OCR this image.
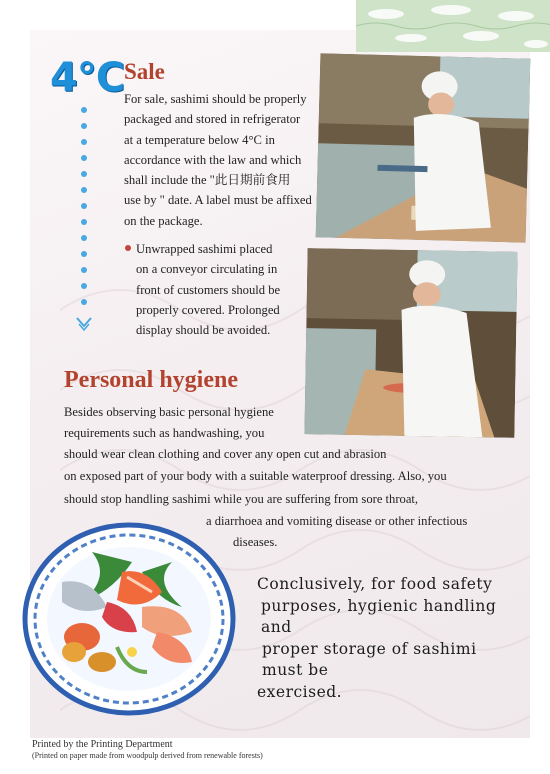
4°C Sale

For sale, sashimi should be properly
packaged and stored in refrigerator
at a temperature below 4°C in
accordance with the law and which
shall include the "此日期前食用
use by " date. A label must be affixed
on the package.

Unwrapped sashimi placed
on a conveyor circulating in
front of customers should be
properly covered. Prolonged
display should be avoided.

Personal hygiene
Besides observing basic personal hygiene
requirements such as handwashing, you
should wear clean clothing and cover any open cut and abrasion
on exposed part of your body with a suitable waterproof dressing. Also, you
should stop handling sashimi while you are suffering from sore throat,
a diarrhoea and vomiting disease or other infectious
diseases.
Conclusively, for food safety
purposes, hygienic handling and
proper storage of sashimi must be
exercised.
Printed by the Printing Department
(Printed on paper made from woodpulp derived from renewable forests)
